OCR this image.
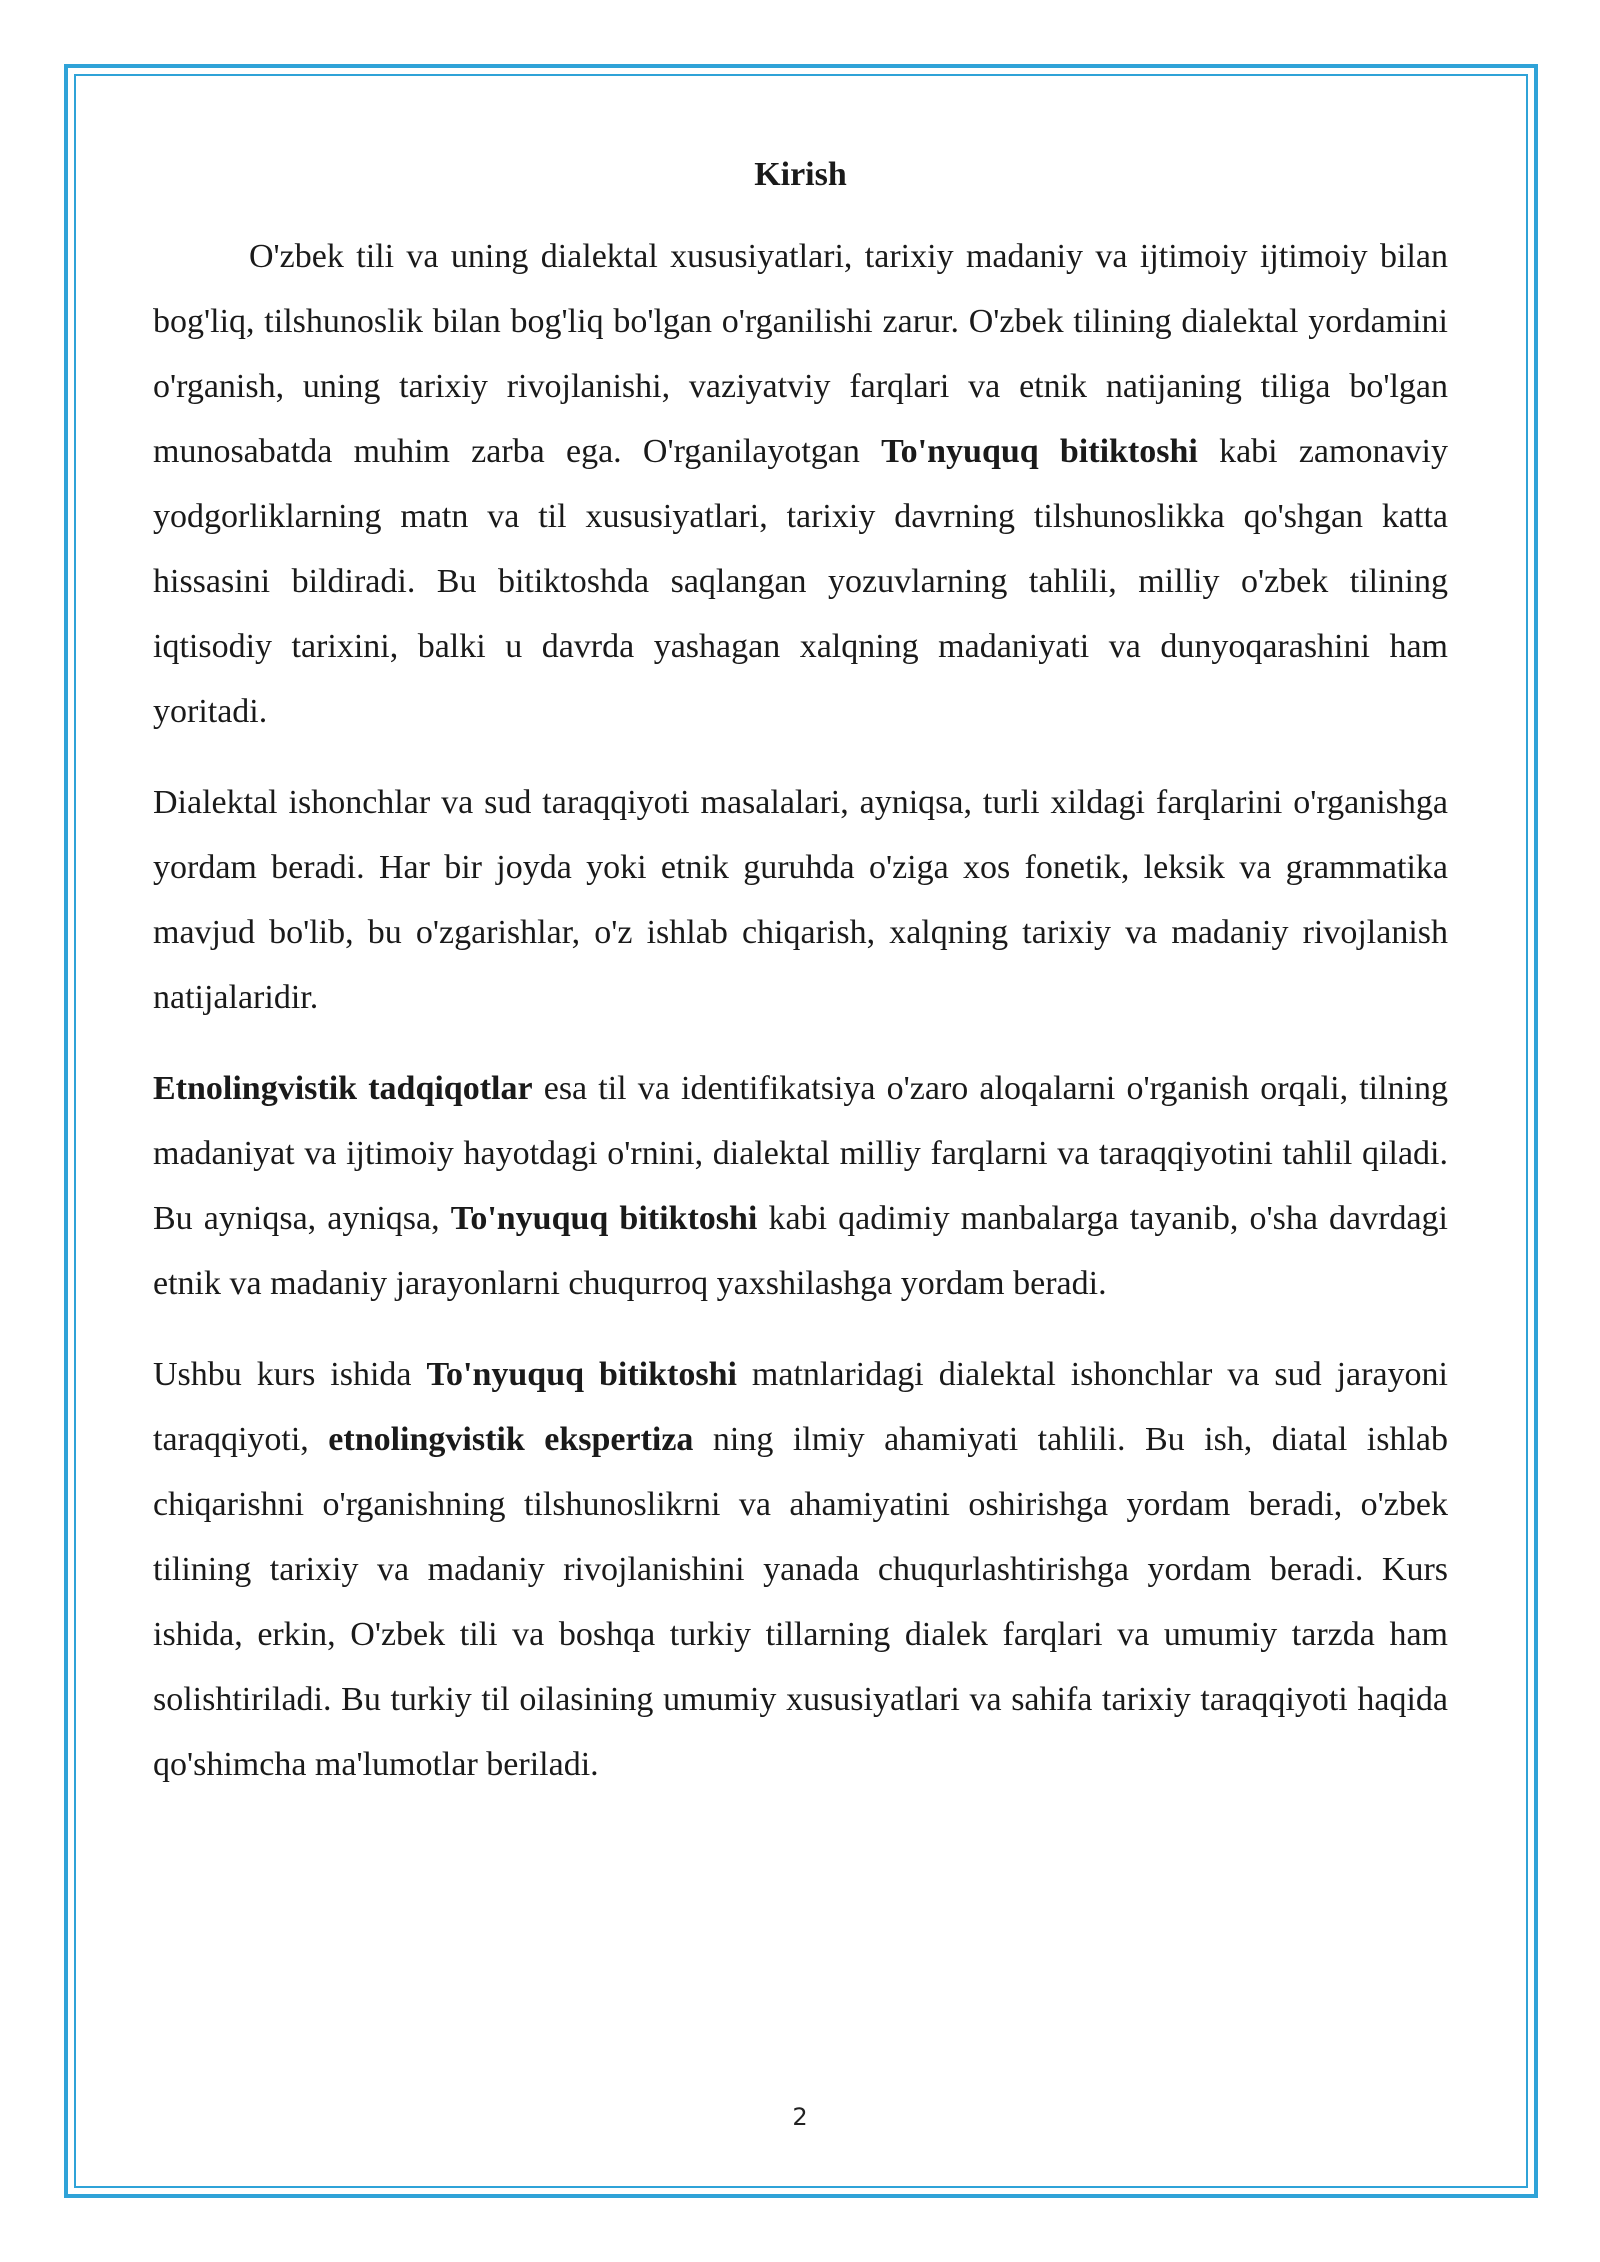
Kirish

O'zbek tili va uning dialektal xususiyatlari, tarixiy madaniy va ijtimoiy ijtimoiy bilan bog'liq, tilshunoslik bilan bog'liq bo'lgan o'rganilishi zarur. O'zbek tilining dialektal yordamini o'rganish, uning tarixiy rivojlanishi, vaziyatviy farqlari va etnik natijaning tiliga bo'lgan munosabatda muhim zarba ega. O'rganilayotgan To'nyuquq bitiktoshi kabi zamonaviy yodgorliklarning matn va til xususiyatlari, tarixiy davrning tilshunoslikka qo'shgan katta hissasini bildiradi. Bu bitiktoshda saqlangan yozuvlarning tahlili, milliy o'zbek tilining iqtisodiy tarixini, balki u davrda yashagan xalqning madaniyati va dunyoqarashini ham yoritadi.

Dialektal ishonchlar va sud taraqqiyoti masalalari, ayniqsa, turli xildagi farqlarini o'rganishga yordam beradi. Har bir joyda yoki etnik guruhda o'ziga xos fonetik, leksik va grammatika mavjud bo'lib, bu o'zgarishlar, o'z ishlab chiqarish, xalqning tarixiy va madaniy rivojlanish natijalaridir.

Etnolingvistik tadqiqotlar esa til va identifikatsiya o'zaro aloqalarni o'rganish orqali, tilning madaniyat va ijtimoiy hayotdagi o'rnini, dialektal milliy farqlarni va taraqqiyotini tahlil qiladi. Bu ayniqsa, ayniqsa, To'nyuquq bitiktoshi kabi qadimiy manbalarga tayanib, o'sha davrdagi etnik va madaniy jarayonlarni chuqurroq yaxshilashga yordam beradi.

Ushbu kurs ishida To'nyuquq bitiktoshi matnlaridagi dialektal ishonchlar va sud jarayoni taraqqiyoti, etnolingvistik ekspertiza ning ilmiy ahamiyati tahlili. Bu ish, diatal ishlab chiqarishni o'rganishning tilshunoslikrni va ahamiyatini oshirishga yordam beradi, o'zbek tilining tarixiy va madaniy rivojlanishini yanada chuqurlashtirishga yordam beradi. Kurs ishida, erkin, O'zbek tili va boshqa turkiy tillarning dialek farqlari va umumiy tarzda ham solishtiriladi. Bu turkiy til oilasining umumiy xususiyatlari va sahifa tarixiy taraqqiyoti haqida qo'shimcha ma'lumotlar beriladi.

2
